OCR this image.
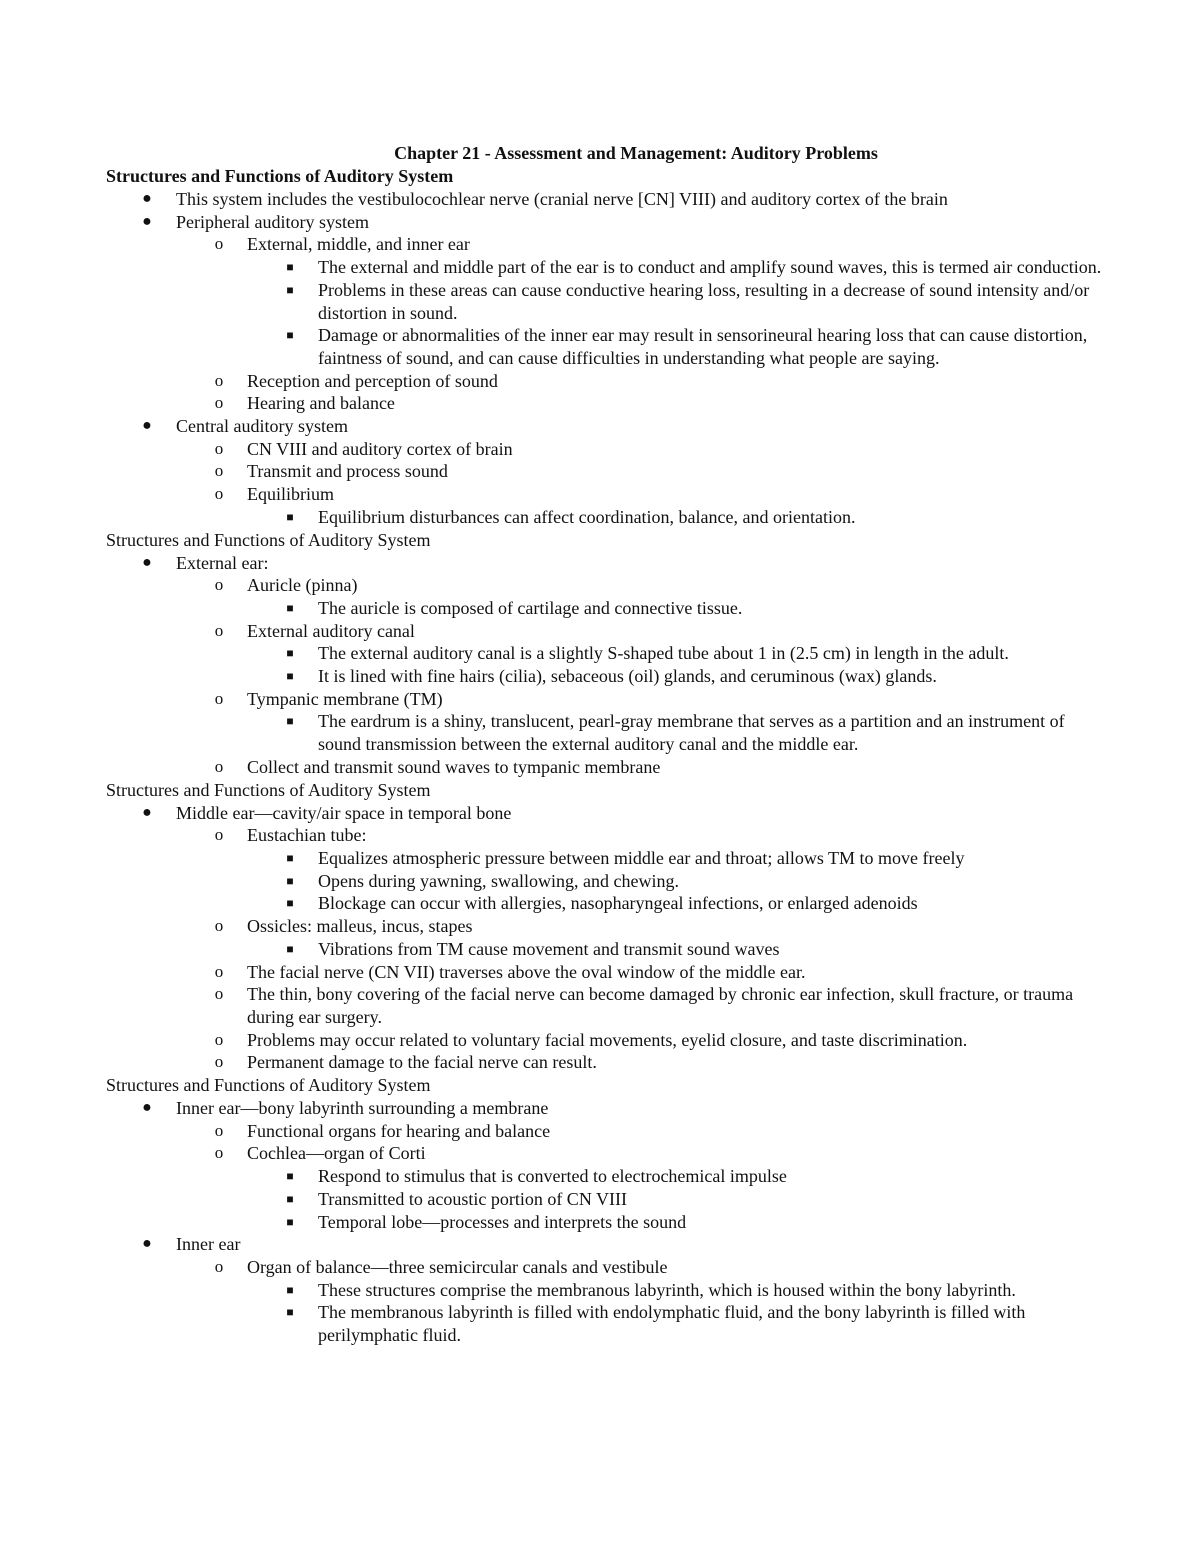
Chapter 21 - Assessment and Management: Auditory Problems
Structures and Functions of Auditory System
● This system includes the vestibulocochlear nerve (cranial nerve [CN] VIII) and auditory cortex of the brain
● Peripheral auditory system
o External, middle, and inner ear
■ The external and middle part of the ear is to conduct and amplify sound waves, this is termed air conduction.
■ Problems in these areas can cause conductive hearing loss, resulting in a decrease of sound intensity and/or distortion in sound.
■ Damage or abnormalities of the inner ear may result in sensorineural hearing loss that can cause distortion, faintness of sound, and can cause difficulties in understanding what people are saying.
o Reception and perception of sound
o Hearing and balance
● Central auditory system
o CN VIII and auditory cortex of brain
o Transmit and process sound
o Equilibrium
■ Equilibrium disturbances can affect coordination, balance, and orientation.
Structures and Functions of Auditory System
● External ear:
o Auricle (pinna)
■ The auricle is composed of cartilage and connective tissue.
o External auditory canal
■ The external auditory canal is a slightly S-shaped tube about 1 in (2.5 cm) in length in the adult.
■ It is lined with fine hairs (cilia), sebaceous (oil) glands, and ceruminous (wax) glands.
o Tympanic membrane (TM)
■ The eardrum is a shiny, translucent, pearl-gray membrane that serves as a partition and an instrument of sound transmission between the external auditory canal and the middle ear.
o Collect and transmit sound waves to tympanic membrane
Structures and Functions of Auditory System
● Middle ear—cavity/air space in temporal bone
o Eustachian tube:
■ Equalizes atmospheric pressure between middle ear and throat; allows TM to move freely
■ Opens during yawning, swallowing, and chewing.
■ Blockage can occur with allergies, nasopharyngeal infections, or enlarged adenoids
o Ossicles: malleus, incus, stapes
■ Vibrations from TM cause movement and transmit sound waves
o The facial nerve (CN VII) traverses above the oval window of the middle ear.
o The thin, bony covering of the facial nerve can become damaged by chronic ear infection, skull fracture, or trauma during ear surgery.
o Problems may occur related to voluntary facial movements, eyelid closure, and taste discrimination.
o Permanent damage to the facial nerve can result.
Structures and Functions of Auditory System
● Inner ear—bony labyrinth surrounding a membrane
o Functional organs for hearing and balance
o Cochlea—organ of Corti
■ Respond to stimulus that is converted to electrochemical impulse
■ Transmitted to acoustic portion of CN VIII
■ Temporal lobe—processes and interprets the sound
● Inner ear
o Organ of balance—three semicircular canals and vestibule
■ These structures comprise the membranous labyrinth, which is housed within the bony labyrinth.
■ The membranous labyrinth is filled with endolymphatic fluid, and the bony labyrinth is filled with perilymphatic fluid.
